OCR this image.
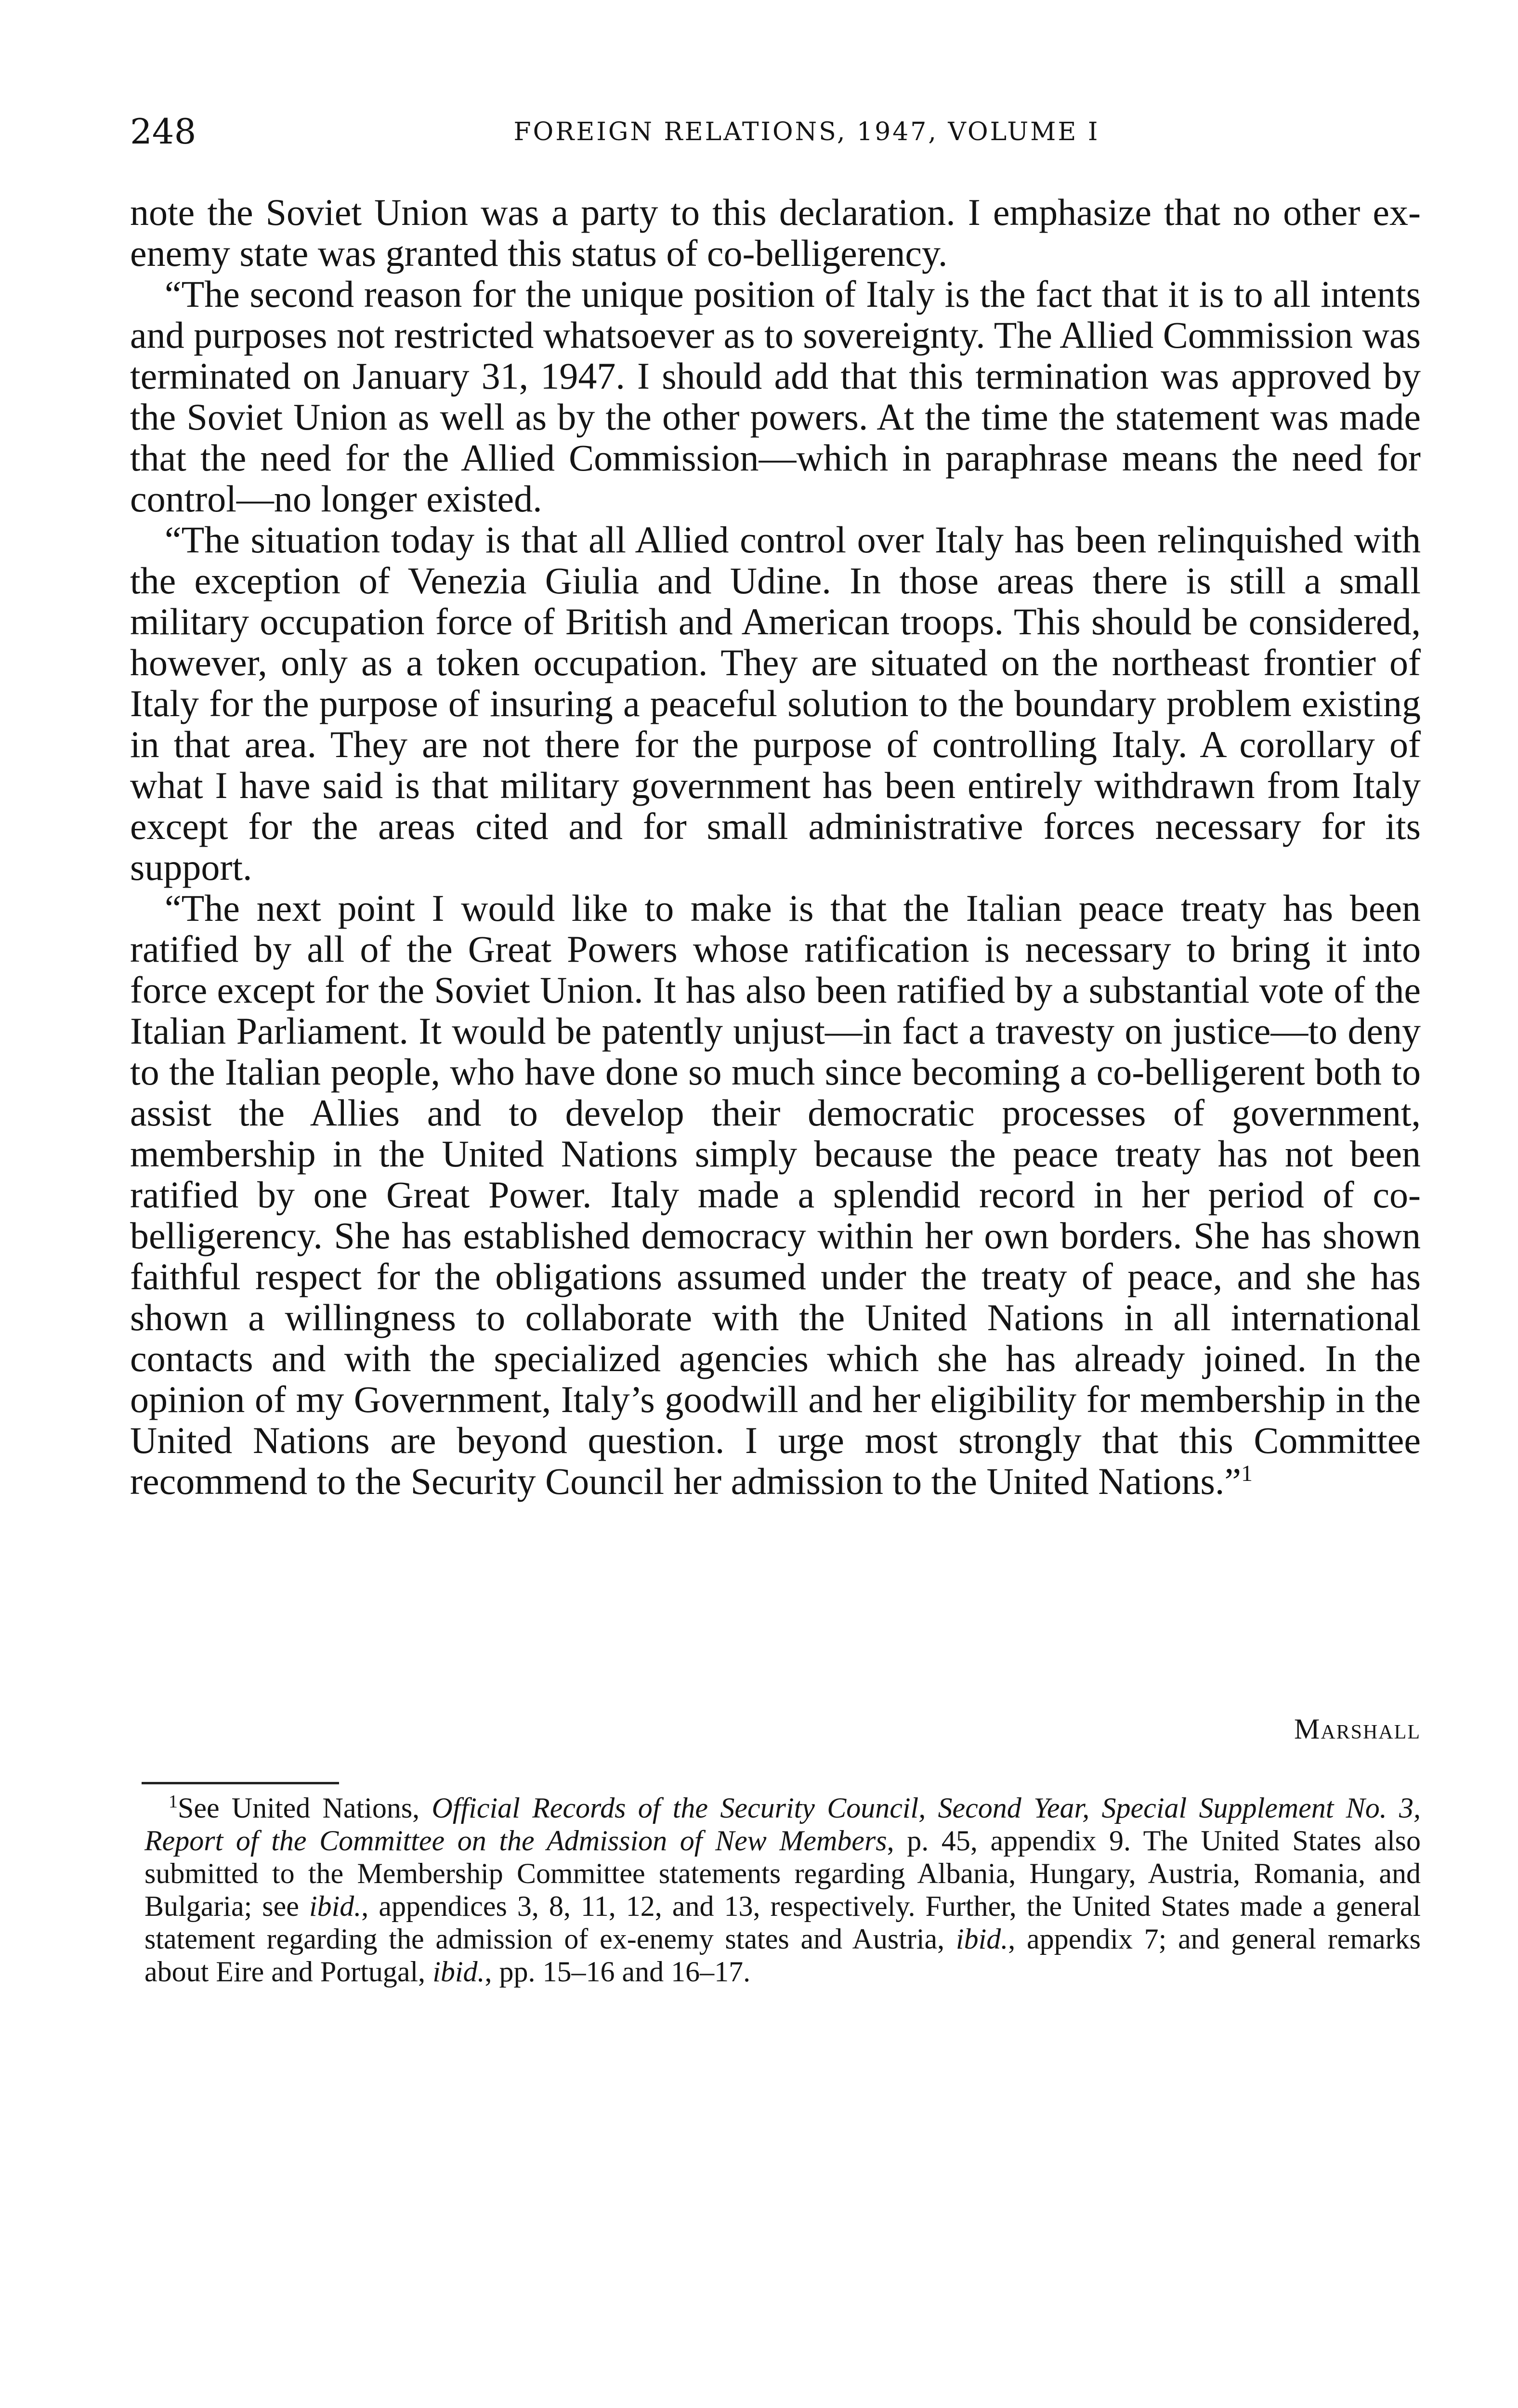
248	FOREIGN RELATIONS, 1947, VOLUME I

note the Soviet Union was a party to this declaration. I emphasize that no other ex-enemy state was granted this status of co-belligerency.

“The second reason for the unique position of Italy is the fact that it is to all intents and purposes not restricted whatsoever as to sovereignty. The Allied Commission was terminated on January 31, 1947. I should add that this termination was approved by the Soviet Union as well as by the other powers. At the time the statement was made that the need for the Allied Commission—which in paraphrase means the need for control—no longer existed.

“The situation today is that all Allied control over Italy has been relinquished with the exception of Venezia Giulia and Udine. In those areas there is still a small military occupation force of British and American troops. This should be considered, however, only as a token occupation. They are situated on the northeast frontier of Italy for the purpose of insuring a peaceful solution to the boundary problem existing in that area. They are not there for the purpose of controlling Italy. A corollary of what I have said is that military government has been entirely withdrawn from Italy except for the areas cited and for small administrative forces necessary for its support.

“The next point I would like to make is that the Italian peace treaty has been ratified by all of the Great Powers whose ratification is necessary to bring it into force except for the Soviet Union. It has also been ratified by a substantial vote of the Italian Parliament. It would be patently unjust—in fact a travesty on justice—to deny to the Italian people, who have done so much since becoming a co-belligerent both to assist the Allies and to develop their democratic processes of government, membership in the United Nations simply because the peace treaty has not been ratified by one Great Power. Italy made a splendid record in her period of co-belligerency. She has established democracy within her own borders. She has shown faithful respect for the obligations assumed under the treaty of peace, and she has shown a willingness to collaborate with the United Nations in all international contacts and with the specialized agencies which she has already joined. In the opinion of my Government, Italy’s goodwill and her eligibility for membership in the United Nations are beyond question. I urge most strongly that this Committee recommend to the Security Council her admission to the United Nations.”$^1$

Marshall

$^1$See United Nations, Official Records of the Security Council, Second Year, Special Supplement No. 3, Report of the Committee on the Admission of New Members, p. 45, appendix 9. The United States also submitted to the Membership Committee statements regarding Albania, Hungary, Austria, Romania, and Bulgaria; see ibid., appendices 3, 8, 11, 12, and 13, respectively. Further, the United States made a general statement regarding the admission of ex-enemy states and Austria, ibid., appendix 7; and general remarks about Eire and Portugal, ibid., pp. 15–16 and 16–17.
